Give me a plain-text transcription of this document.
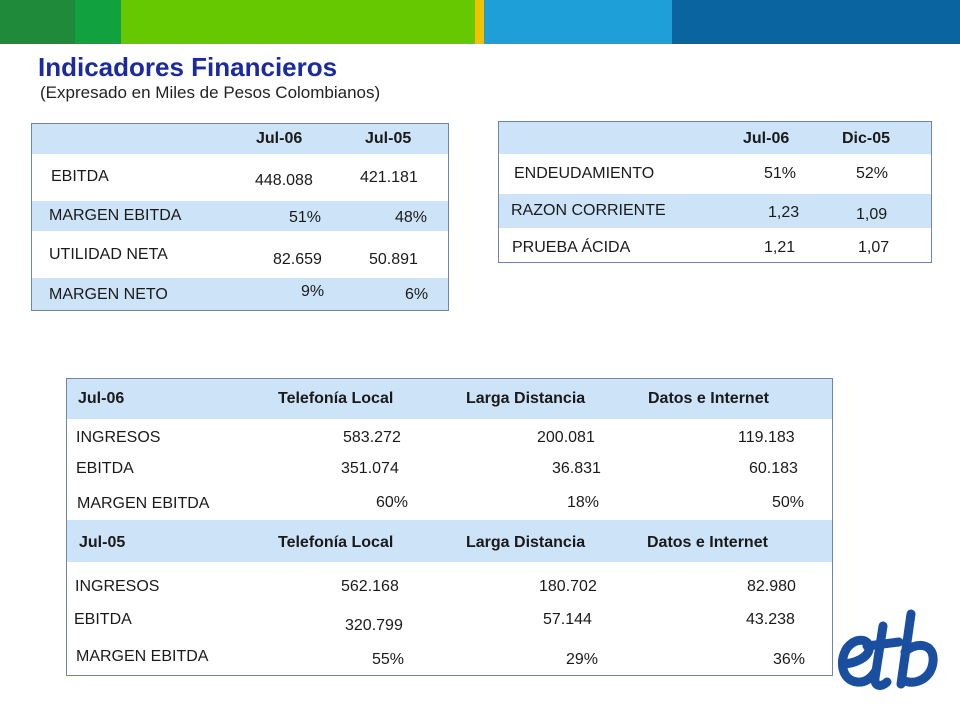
Indicadores Financieros
(Expresado en Miles de Pesos Colombianos)
Jul-06	Jul-05
EBITDA	448.088	421.181
MARGEN EBITDA	51%	48%
UTILIDAD NETA	82.659	50.891
MARGEN NETO	9%	6%
Jul-06	Dic-05
ENDEUDAMIENTO	51%	52%
RAZON CORRIENTE	1,23	1,09
PRUEBA ÁCIDA	1,21	1,07
Jul-06	Telefonía Local	Larga Distancia	Datos e Internet
INGRESOS	583.272	200.081	119.183
EBITDA	351.074	36.831	60.183
MARGEN EBITDA	60%	18%	50%
Jul-05	Telefonía Local	Larga Distancia	Datos e Internet
INGRESOS	562.168	180.702	82.980
EBITDA	320.799	57.144	43.238
MARGEN EBITDA	55%	29%	36%
